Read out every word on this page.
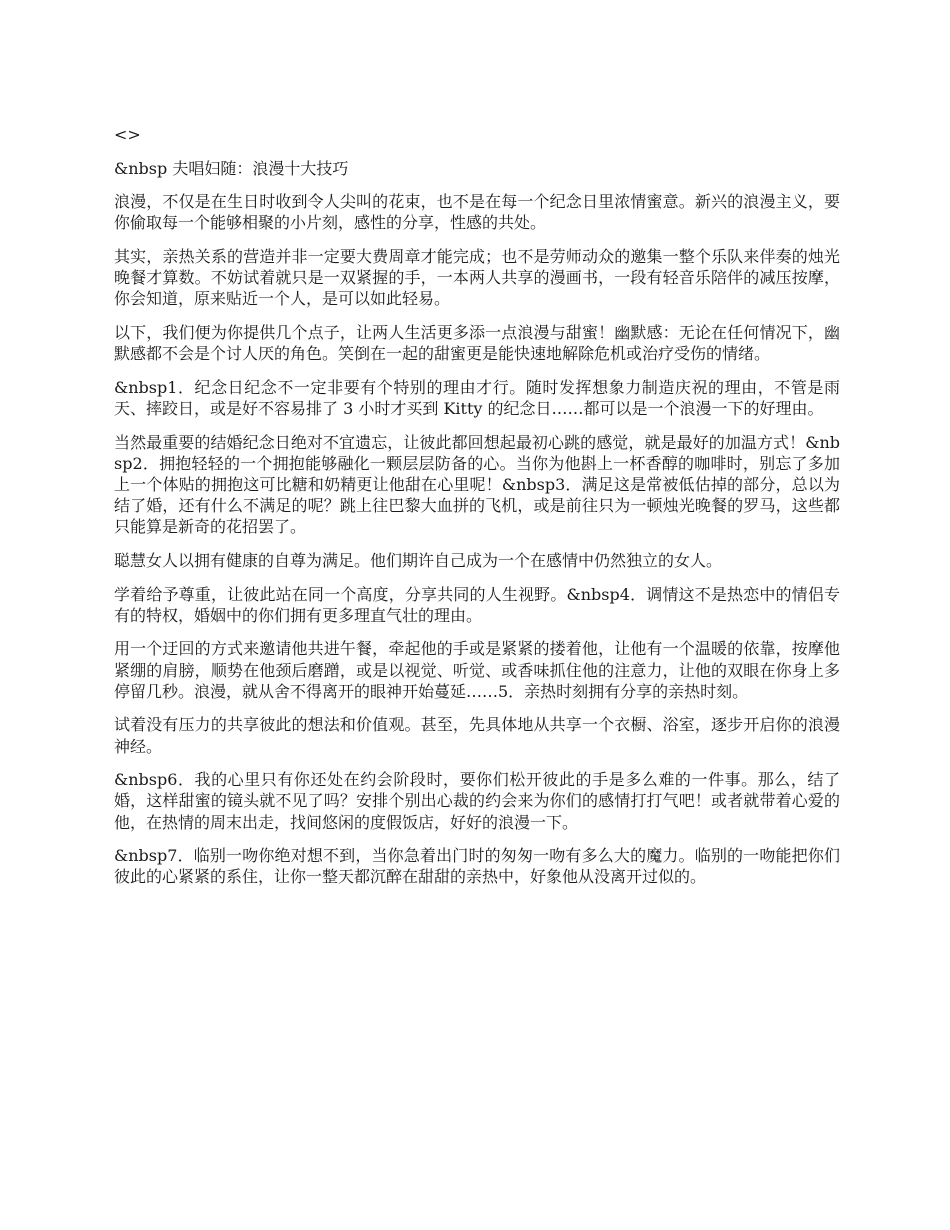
<>

&nbsp 夫唱妇随：浪漫十大技巧

浪漫，不仅是在生日时收到令人尖叫的花束，也不是在每一个纪念日里浓情蜜意。新兴的浪漫主义，要你偷取每一个能够相聚的小片刻，感性的分享，性感的共处。

其实，亲热关系的营造并非一定要大费周章才能完成；也不是劳师动众的邀集一整个乐队来伴奏的烛光晚餐才算数。不妨试着就只是一双紧握的手，一本两人共享的漫画书，一段有轻音乐陪伴的减压按摩，你会知道，原来贴近一个人，是可以如此轻易。

以下，我们便为你提供几个点子，让两人生活更多添一点浪漫与甜蜜！幽默感：无论在任何情况下，幽默感都不会是个讨人厌的角色。笑倒在一起的甜蜜更是能快速地解除危机或治疗受伤的情绪。

&nbsp1．纪念日纪念不一定非要有个特别的理由才行。随时发挥想象力制造庆祝的理由，不管是雨天、摔跤日，或是好不容易排了 3 小时才买到 Kitty 的纪念日……都可以是一个浪漫一下的好理由。

当然最重要的结婚纪念日绝对不宜遗忘，让彼此都回想起最初心跳的感觉，就是最好的加温方式！&nbsp2．拥抱轻轻的一个拥抱能够融化一颗层层防备的心。当你为他斟上一杯香醇的咖啡时，别忘了多加上一个体贴的拥抱这可比糖和奶精更让他甜在心里呢！&nbsp3．满足这是常被低估掉的部分，总以为结了婚，还有什么不满足的呢？跳上往巴黎大血拼的飞机，或是前往只为一顿烛光晚餐的罗马，这些都只能算是新奇的花招罢了。

聪慧女人以拥有健康的自尊为满足。他们期许自己成为一个在感情中仍然独立的女人。

学着给予尊重，让彼此站在同一个高度，分享共同的人生视野。&nbsp4．调情这不是热恋中的情侣专有的特权，婚姻中的你们拥有更多理直气壮的理由。

用一个迂回的方式来邀请他共进午餐，牵起他的手或是紧紧的搂着他，让他有一个温暖的依靠，按摩他紧绷的肩膀，顺势在他颈后磨蹭，或是以视觉、听觉、或香味抓住他的注意力，让他的双眼在你身上多停留几秒。浪漫，就从舍不得离开的眼神开始蔓延……5．亲热时刻拥有分享的亲热时刻。

试着没有压力的共享彼此的想法和价值观。甚至，先具体地从共享一个衣橱、浴室，逐步开启你的浪漫神经。

&nbsp6．我的心里只有你还处在约会阶段时，要你们松开彼此的手是多么难的一件事。那么，结了婚，这样甜蜜的镜头就不见了吗？安排个别出心裁的约会来为你们的感情打打气吧！或者就带着心爱的他，在热情的周末出走，找间悠闲的度假饭店，好好的浪漫一下。

&nbsp7．临别一吻你绝对想不到，当你急着出门时的匆匆一吻有多么大的魔力。临别的一吻能把你们彼此的心紧紧的系住，让你一整天都沉醉在甜甜的亲热中，好象他从没离开过似的。
